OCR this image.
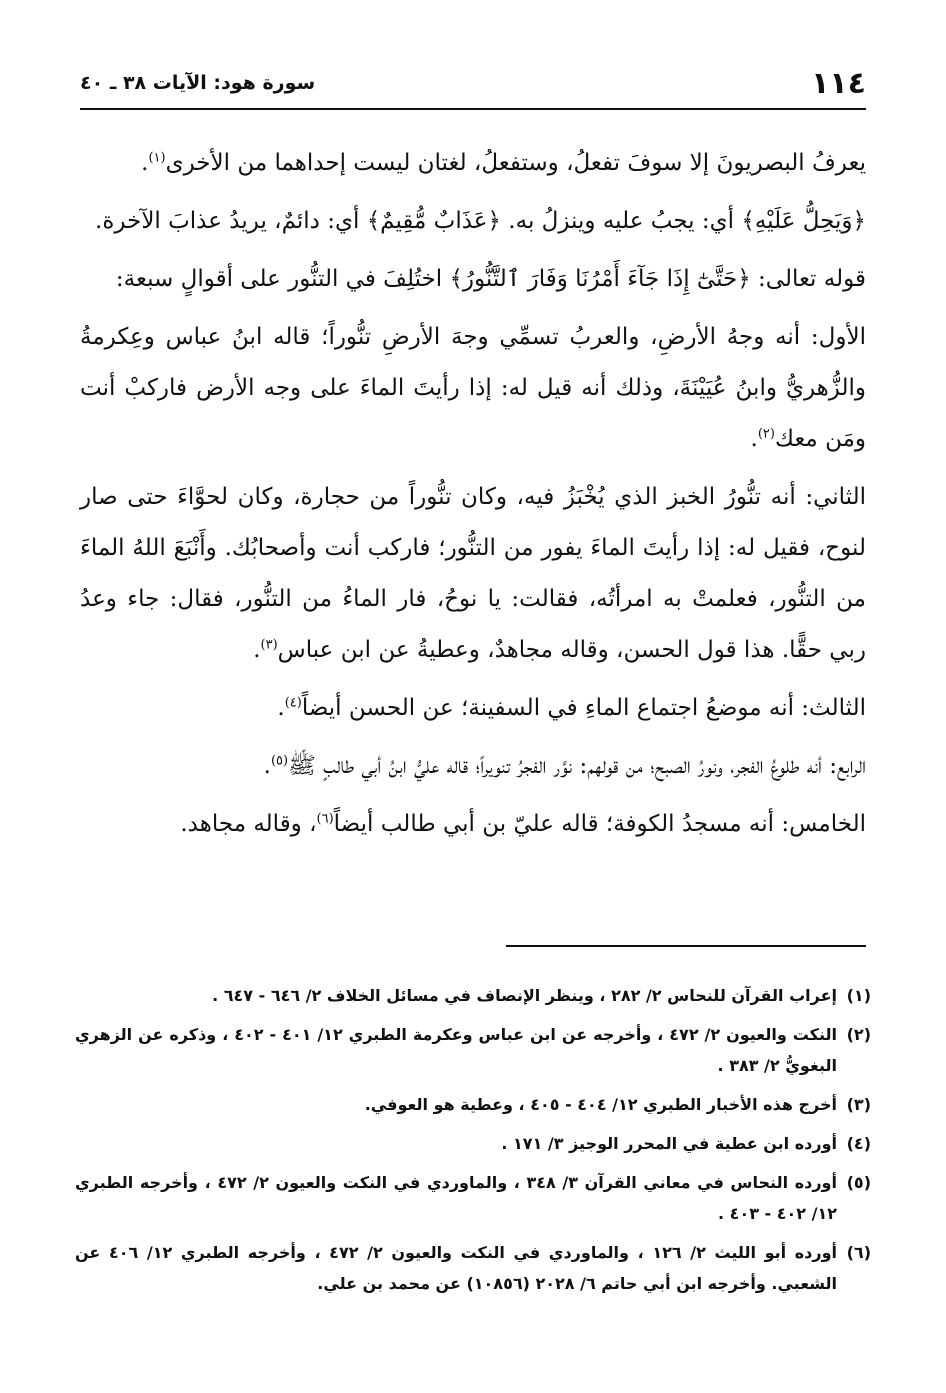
١١٤
سورة هود: الآيات ٣٨ ـ ٤٠

يعرفُ البصريونَ إلا سوفَ تفعلُ، وستفعلُ، لغتان ليست إحداهما من الأخرى$^{(١)}$.

﴿وَيَحِلُّ عَلَيْهِ﴾ أي: يجبُ عليه وينزلُ به. ﴿عَذَابٌ مُّقِيمٌ﴾ أي: دائمٌ، يريدُ عذابَ الآخرة.

قوله تعالى: ﴿حَتَّىٰٓ إِذَا جَآءَ أَمْرُنَا وَفَارَ ٱلتَّنُّورُ﴾ اختُلِفَ في التنُّور على أقوالٍ سبعة:

الأول: أنه وجهُ الأرضِ، والعربُ تسمِّي وجهَ الأرضِ تنُّوراً؛ قاله ابنُ عباس وعِكرمةُ والزُّهريُّ وابنُ عُيَيْنَةَ، وذلك أنه قيل له: إذا رأيتَ الماءَ على وجه الأرض فاركبْ أنت ومَن معك$^{(٢)}$.

الثاني: أنه تنُّورُ الخبز الذي يُخْبَزُ فيه، وكان تنُّوراً من حجارة، وكان لحوَّاءَ حتى صار لنوح، فقيل له: إذا رأيتَ الماءَ يفور من التنُّور؛ فاركب أنت وأصحابُك. وأَنْبَعَ اللهُ الماءَ من التنُّور، فعلمتْ به امرأتُه، فقالت: يا نوحُ، فار الماءُ من التنُّور، فقال: جاء وعدُ ربي حقًّا. هذا قول الحسن، وقاله مجاهدٌ، وعطيةُ عن ابن عباس$^{(٣)}$.

الثالث: أنه موضعُ اجتماع الماءِ في السفينة؛ عن الحسن أيضاً$^{(٤)}$.

الرابع: أنه طلوعُ الفجر، ونورُ الصبح؛ من قولهم: نوَّر الفجرُ تنويراً؛ قاله عليُّ ابنُ أبي طالبٍ ﷺ$^{(٥)}$.

الخامس: أنه مسجدُ الكوفة؛ قاله عليّ بن أبي طالب أيضاً$^{(٦)}$، وقاله مجاهد.

(١)
إعراب القرآن للنحاس ٢/ ٢٨٢ ، وينظر الإنصاف في مسائل الخلاف ٢/ ٦٤٦ - ٦٤٧ .
(٢)
النكت والعيون ٢/ ٤٧٢ ، وأخرجه عن ابن عباس وعكرمة الطبري ١٢/ ٤٠١ - ٤٠٢ ، وذكره عن الزهري البغويُّ ٢/ ٣٨٣ .
(٣)
أخرج هذه الأخبار الطبري ١٢/ ٤٠٤ - ٤٠٥ ، وعطية هو العوفي.
(٤)
أورده ابن عطية في المحرر الوجيز ٣/ ١٧١ .
(٥)
أورده النحاس في معاني القرآن ٣/ ٣٤٨ ، والماوردي في النكت والعيون ٢/ ٤٧٢ ، وأخرجه الطبري ١٢/ ٤٠٢ - ٤٠٣ .
(٦)
أورده أبو الليث ٢/ ١٢٦ ، والماوردي في النكت والعيون ٢/ ٤٧٢ ، وأخرجه الطبري ١٢/ ٤٠٦ عن الشعبي. وأخرجه ابن أبي حاتم ٦/ ٢٠٢٨ (١٠٨٥٦) عن محمد بن علي.
